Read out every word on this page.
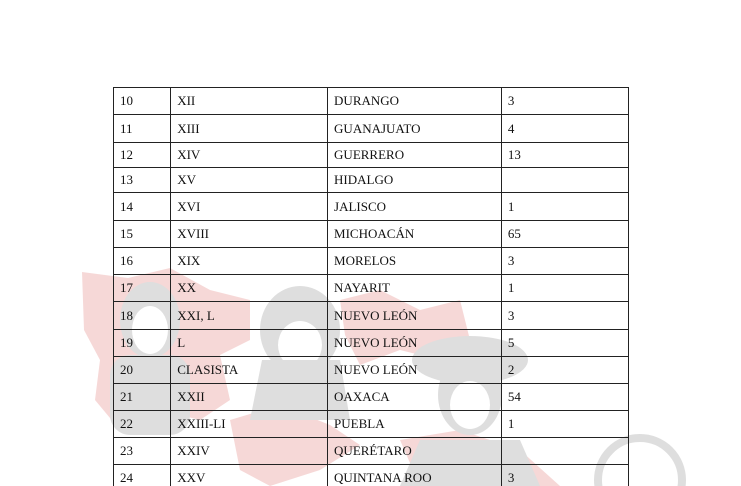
10	XII	DURANGO	3
11	XIII	GUANAJUATO	4
12	XIV	GUERRERO	13
13	XV	HIDALGO	
14	XVI	JALISCO	1
15	XVIII	MICHOACÁN	65
16	XIX	MORELOS	3
17	XX	NAYARIT	1
18	XXI, L	NUEVO LEÓN	3
19	L	NUEVO LEÓN	5
20	CLASISTA	NUEVO LEÓN	2
21	XXII	OAXACA	54
22	XXIII-LI	PUEBLA	1
23	XXIV	QUERÉTARO	
24	XXV	QUINTANA ROO	3
